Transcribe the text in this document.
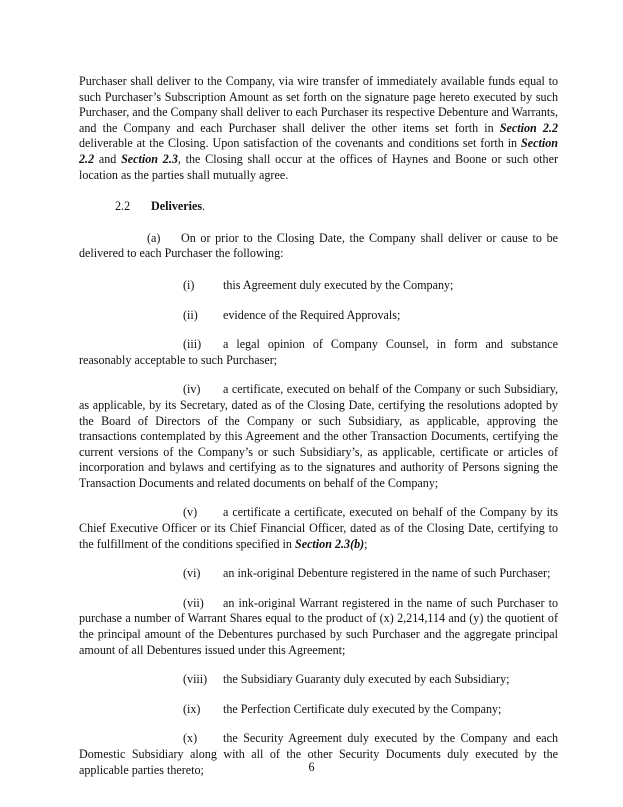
Purchaser shall deliver to the Company, via wire transfer of immediately available funds equal to such Purchaser’s Subscription Amount as set forth on the signature page hereto executed by such Purchaser, and the Company shall deliver to each Purchaser its respective Debenture and Warrants, and the Company and each Purchaser shall deliver the other items set forth in Section 2.2 deliverable at the Closing. Upon satisfaction of the covenants and conditions set forth in Section 2.2 and Section 2.3, the Closing shall occur at the offices of Haynes and Boone or such other location as the parties shall mutually agree.

2.2 Deliveries.

(a) On or prior to the Closing Date, the Company shall deliver or cause to be delivered to each Purchaser the following:

(i) this Agreement duly executed by the Company;

(ii) evidence of the Required Approvals;

(iii) a legal opinion of Company Counsel, in form and substance reasonably acceptable to such Purchaser;

(iv) a certificate, executed on behalf of the Company or such Subsidiary, as applicable, by its Secretary, dated as of the Closing Date, certifying the resolutions adopted by the Board of Directors of the Company or such Subsidiary, as applicable, approving the transactions contemplated by this Agreement and the other Transaction Documents, certifying the current versions of the Company’s or such Subsidiary’s, as applicable, certificate or articles of incorporation and bylaws and certifying as to the signatures and authority of Persons signing the Transaction Documents and related documents on behalf of the Company;

(v) a certificate a certificate, executed on behalf of the Company by its Chief Executive Officer or its Chief Financial Officer, dated as of the Closing Date, certifying to the fulfillment of the conditions specified in Section 2.3(b);

(vi) an ink-original Debenture registered in the name of such Purchaser;

(vii) an ink-original Warrant registered in the name of such Purchaser to purchase a number of Warrant Shares equal to the product of (x) 2,214,114 and (y) the quotient of the principal amount of the Debentures purchased by such Purchaser and the aggregate principal amount of all Debentures issued under this Agreement;

(viii) the Subsidiary Guaranty duly executed by each Subsidiary;

(ix) the Perfection Certificate duly executed by the Company;

(x) the Security Agreement duly executed by the Company and each Domestic Subsidiary along with all of the other Security Documents duly executed by the applicable parties thereto;	6
